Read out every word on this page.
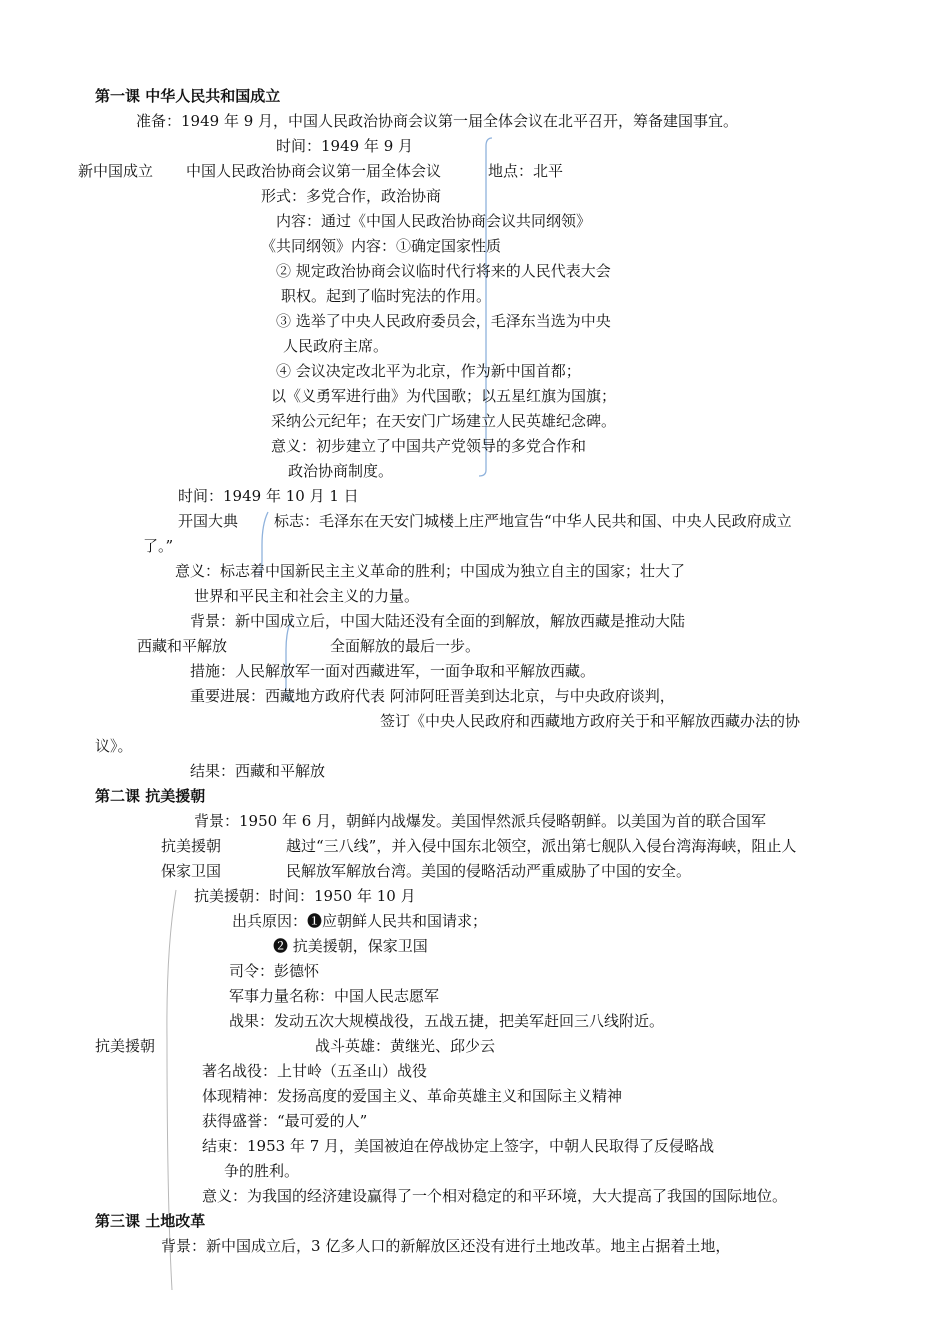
第一课 中华人民共和国成立
准备：1949 年 9 月，中国人民政治协商会议第一届全体会议在北平召开，筹备建国事宜。
时间：1949 年 9 月
新中国成立 中国人民政治协商会议第一届全体会议	地点：北平
形式：多党合作，政治协商
内容：通过《中国人民政治协商会议共同纲领》
《共同纲领》内容：①确定国家性质
② 规定政治协商会议临时代行将来的人民代表大会
职权。起到了临时宪法的作用。
③ 选举了中央人民政府委员会，毛泽东当选为中央
人民政府主席。
④ 会议决定改北平为北京，作为新中国首都；
以《义勇军进行曲》为代国歌；以五星红旗为国旗；
采纳公元纪年；在天安门广场建立人民英雄纪念碑。
意义：初步建立了中国共产党领导的多党合作和
政治协商制度。
时间：1949 年 10 月 1 日
开国大典 标志：毛泽东在天安门城楼上庄严地宣告“中华人民共和国、中央人民政府成立
了。”
意义：标志着中国新民主主义革命的胜利；中国成为独立自主的国家；壮大了
世界和平民主和社会主义的力量。
背景：新中国成立后，中国大陆还没有全面的到解放，解放西藏是推动大陆
西藏和平解放	全面解放的最后一步。
措施：人民解放军一面对西藏进军，一面争取和平解放西藏。
重要进展：西藏地方政府代表 阿沛阿旺晋美到达北京，与中央政府谈判，
签订《中央人民政府和西藏地方政府关于和平解放西藏办法的协
议》。
结果：西藏和平解放
第二课 抗美援朝
背景：1950 年 6 月，朝鲜内战爆发。美国悍然派兵侵略朝鲜。以美国为首的联合国军
抗美援朝	越过“三八线”，并入侵中国东北领空，派出第七舰队入侵台湾海海峡，阻止人
保家卫国	民解放军解放台湾。美国的侵略活动严重威胁了中国的安全。
抗美援朝：时间：1950 年 10 月
出兵原因：❶应朝鲜人民共和国请求；
❷ 抗美援朝，保家卫国
司令：彭德怀
军事力量名称：中国人民志愿军
战果：发动五次大规模战役，五战五捷，把美军赶回三八线附近。
抗美援朝	战斗英雄：黄继光、邱少云
著名战役：上甘岭（五圣山）战役
体现精神：发扬高度的爱国主义、革命英雄主义和国际主义精神
获得盛誉：“最可爱的人”
结束：1953 年 7 月，美国被迫在停战协定上签字，中朝人民取得了反侵略战
争的胜利。
意义：为我国的经济建设赢得了一个相对稳定的和平环境，大大提高了我国的国际地位。
第三课 土地改革
背景：新中国成立后，3 亿多人口的新解放区还没有进行土地改革。地主占据着土地，
